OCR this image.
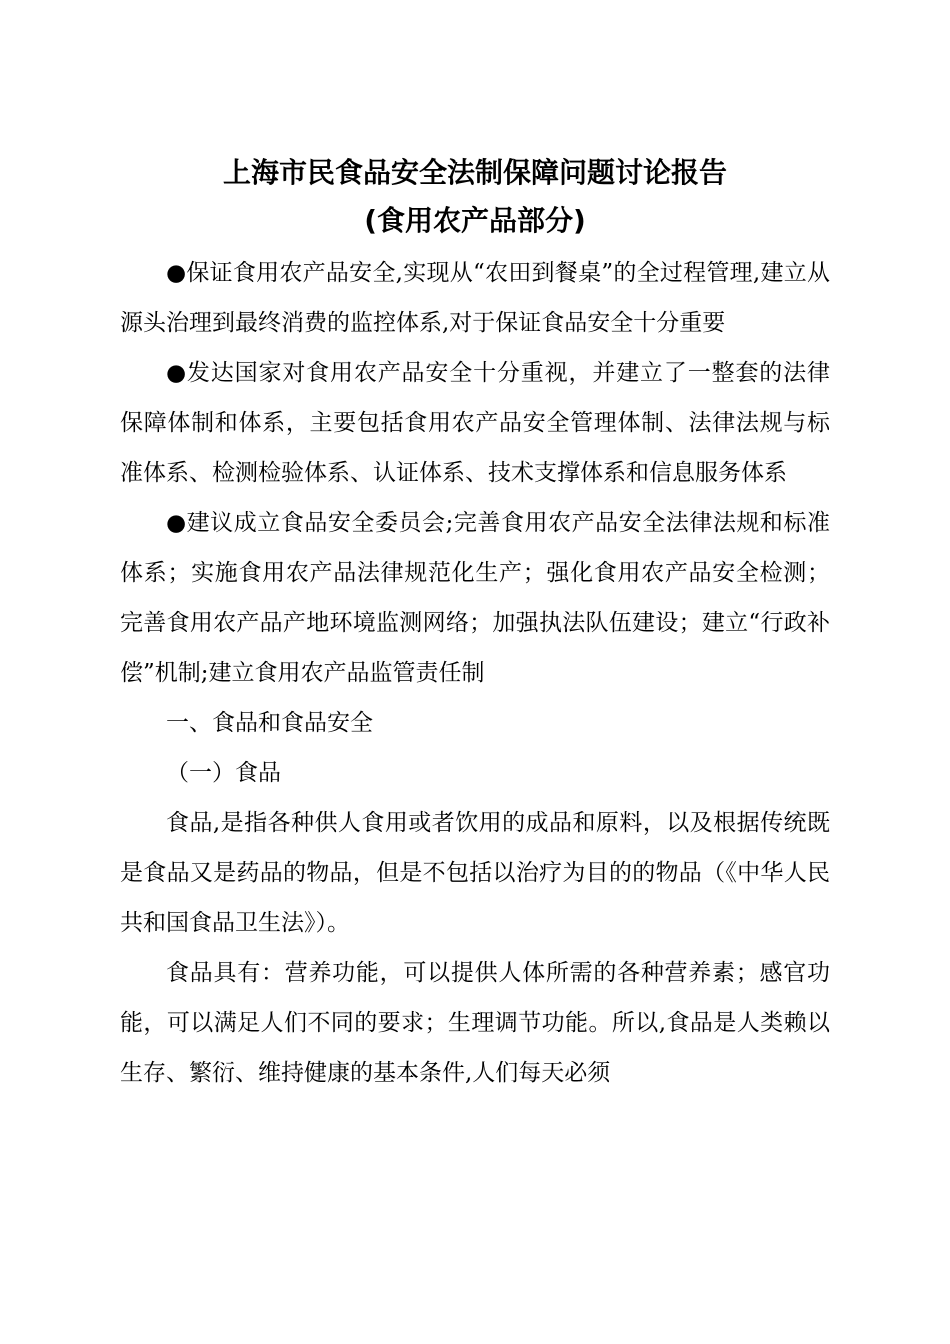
上海市民食品安全法制保障问题讨论报告
(食用农产品部分)

●保证食用农产品安全,实现从“农田到餐桌”的全过程管理,建立从源头治理到最终消费的监控体系,对于保证食品安全十分重要

●发达国家对食用农产品安全十分重视，并建立了一整套的法律保障体制和体系，主要包括食用农产品安全管理体制、法律法规与标准体系、检测检验体系、认证体系、技术支撑体系和信息服务体系

●建议成立食品安全委员会;完善食用农产品安全法律法规和标准体系；实施食用农产品法律规范化生产；强化食用农产品安全检测；完善食用农产品产地环境监测网络；加强执法队伍建设；建立“行政补偿”机制;建立食用农产品监管责任制

一、食品和食品安全

（一）食品

食品,是指各种供人食用或者饮用的成品和原料，以及根据传统既是食品又是药品的物品，但是不包括以治疗为目的的物品（《中华人民共和国食品卫生法》）。

食品具有：营养功能，可以提供人体所需的各种营养素；感官功能，可以满足人们不同的要求；生理调节功能。所以,食品是人类赖以生存、繁衍、维持健康的基本条件,人们每天必须
